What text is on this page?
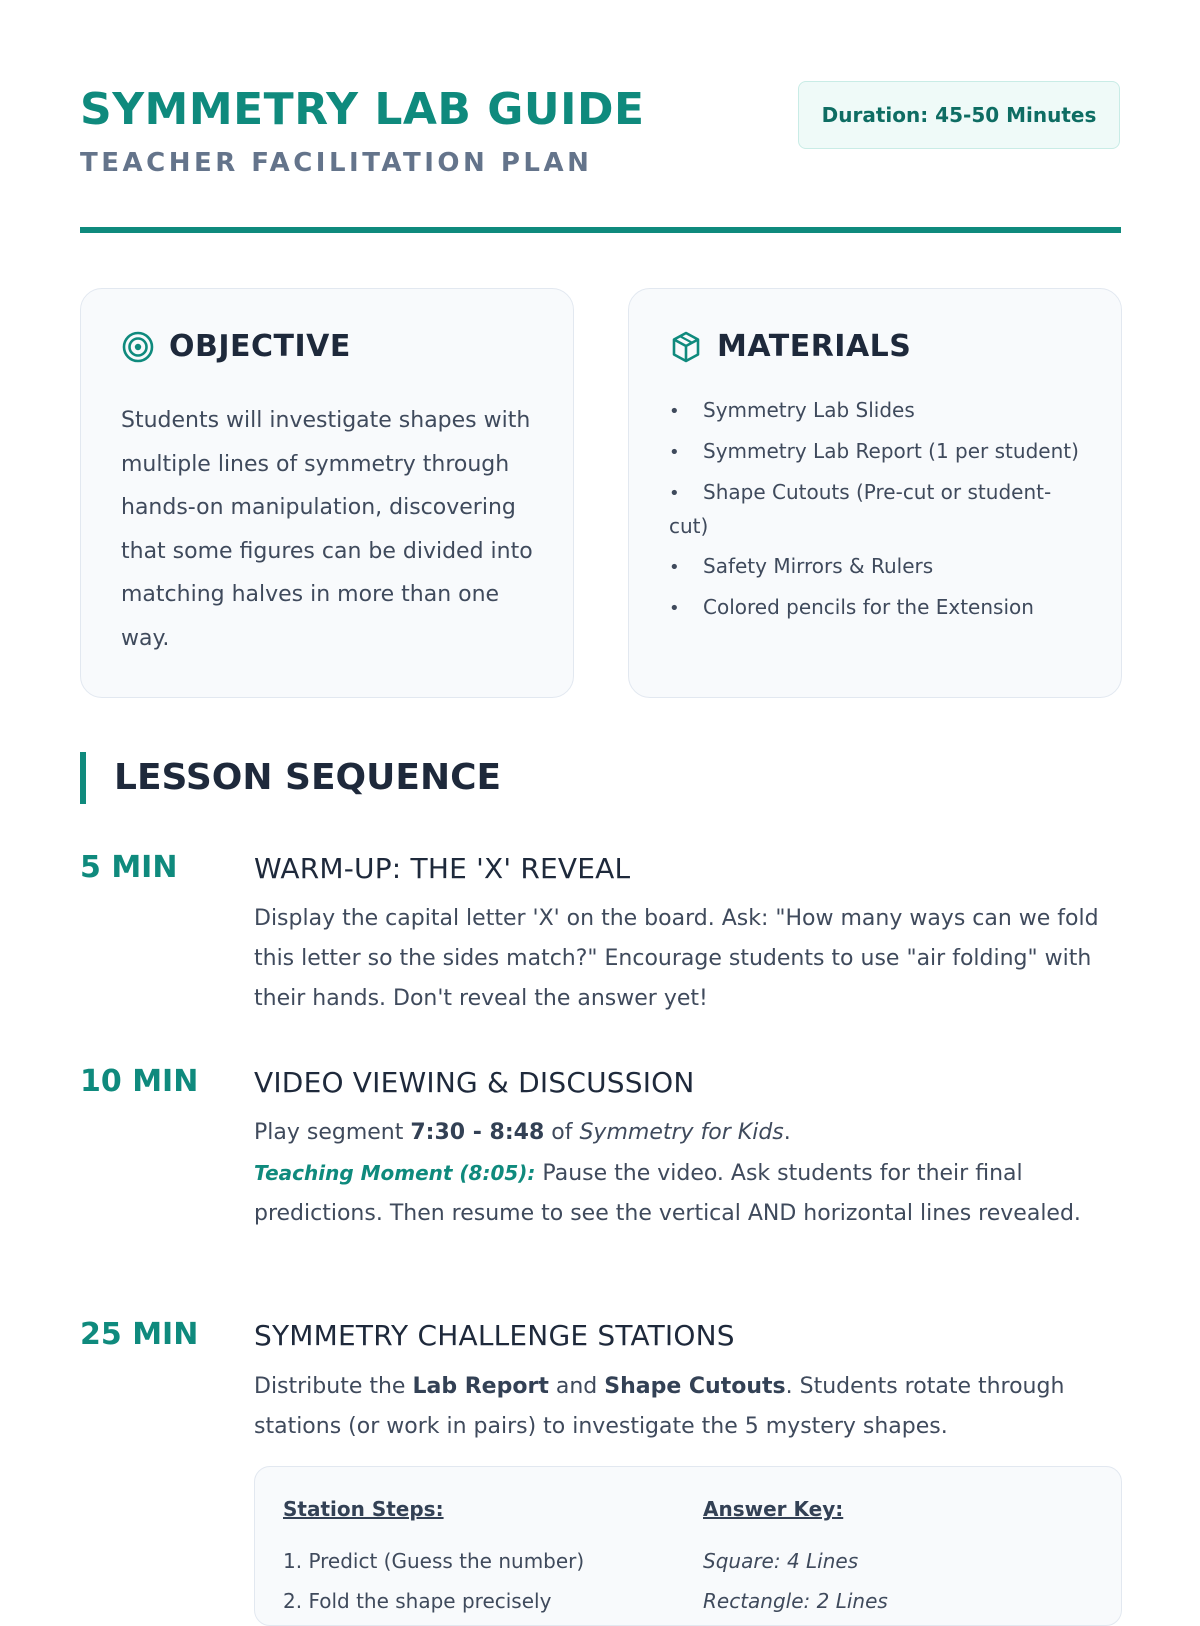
SYMMETRY LAB GUIDE
TEACHER FACILITATION PLAN
Duration: 45-50 Minutes
OBJECTIVE

Students will investigate shapes with multiple lines of symmetry through hands-on manipulation, discovering that some figures can be divided into matching halves in more than one way.

MATERIALS
• Symmetry Lab Slides
• Symmetry Lab Report (1 per student)
• Shape Cutouts (Pre-cut or student-cut)
• Safety Mirrors & Rulers
• Colored pencils for the Extension
LESSON SEQUENCE
5 MIN	WARM-UP: THE 'X' REVEAL

Display the capital letter 'X' on the board. Ask: "How many ways can we fold this letter so the sides match?" Encourage students to use "air folding" with their hands. Don't reveal the answer yet!

10 MIN VIDEO VIEWING & DISCUSSION

Play segment 7:30 - 8:48 of Symmetry for Kids.
Teaching Moment (8:05): Pause the video. Ask students for their final predictions. Then resume to see the vertical AND horizontal lines revealed.

25 MIN SYMMETRY CHALLENGE STATIONS

Distribute the Lab Report and Shape Cutouts. Students rotate through stations (or work in pairs) to investigate the 5 mystery shapes.

Station Steps:
1. Predict (Guess the number)
2. Fold the shape precisely
Answer Key:
Square: 4 Lines
Rectangle: 2 Lines
